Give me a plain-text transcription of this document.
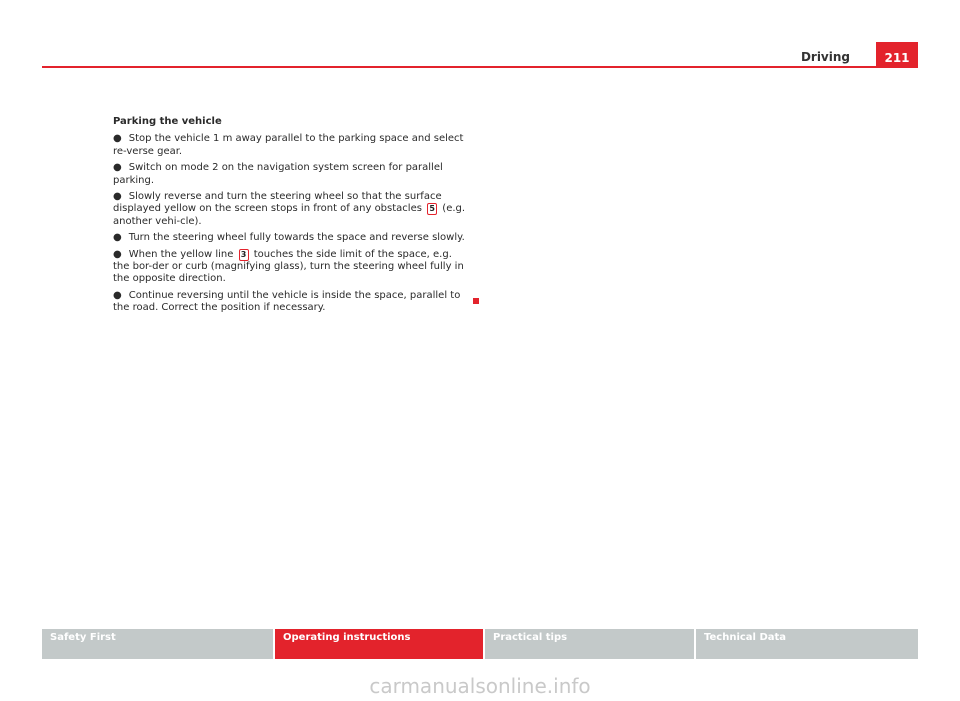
Driving	211
Parking the vehicle
● Stop the vehicle 1 m away parallel to the parking space and select re-verse gear.
● Switch on mode 2 on the navigation system screen for parallel parking.
● Slowly reverse and turn the steering wheel so that the surface displayed yellow on the screen stops in front of any obstacles 5 (e.g. another vehi-cle).
● Turn the steering wheel fully towards the space and reverse slowly.
● When the yellow line 3 touches the side limit of the space, e.g. the bor-der or curb (magnifying glass), turn the steering wheel fully in the opposite direction.
● Continue reversing until the vehicle is inside the space, parallel to the road. Correct the position if necessary.
Safety First	Operating instructions	Practical tips	Technical Data
carmanualsonline.info
